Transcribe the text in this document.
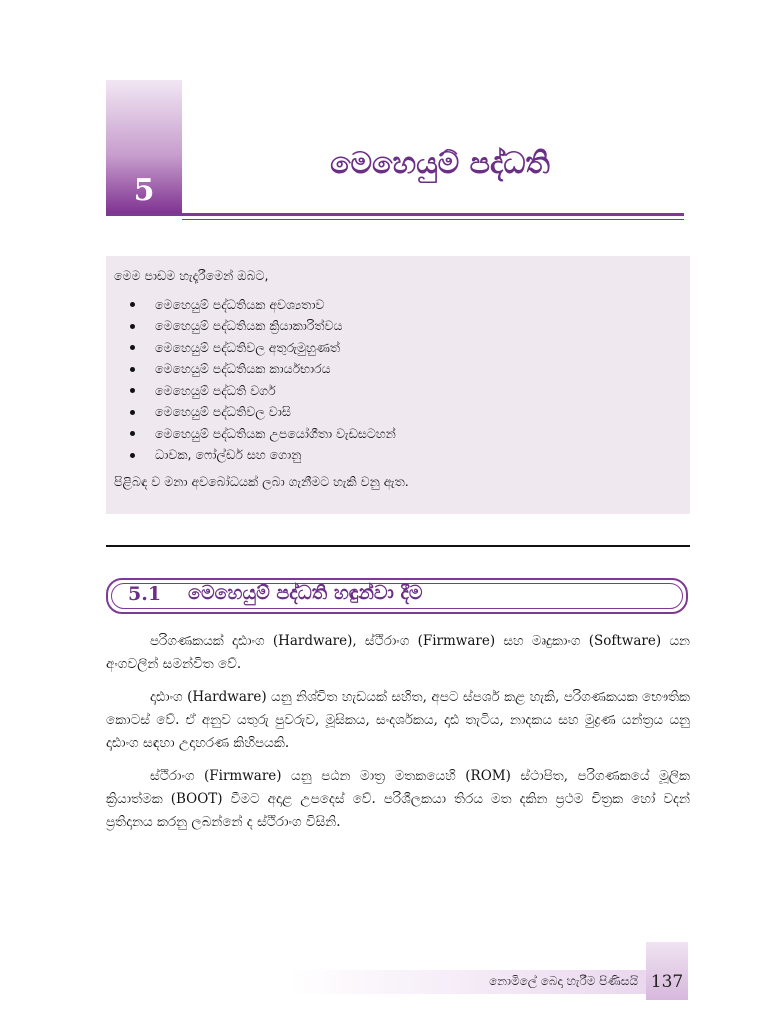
5
මෙහෙයුම් පද්ධති

මෙම පාඩම හැදෑරීමෙන් ඔබට,

මෙහෙයුම් පද්ධතියක අවශ්‍යතාව
මෙහෙයුම් පද්ධතියක ක්‍රියාකාරිත්වය
මෙහෙයුම් පද්ධතිවල අතුරුමුහුණත්
මෙහෙයුම් පද්ධතියක කාර්යභාරය
මෙහෙයුම් පද්ධති වර්ග
මෙහෙයුම් පද්ධතිවල වාසි
මෙහෙයුම් පද්ධතියක උපයෝගීතා වැඩසටහන්
ධාවක, ෆෝල්ඩර් සහ ගොනු

පිළිබඳ ව මනා අවබෝධයක් ලබා ගැනීමට හැකි වනු ඇත.

5.1 මෙහෙයුම් පද්ධති හඳුන්වා දීම

පරිගණකයක් දෘඪාංග (Hardware), ස්ථිරාංග (Firmware) සහ මෘදුකාංග (Software) යන අංගවලින් සමන්විත වේ.

දෘඪාංග (Hardware) යනු නිශ්චිත හැඩයක් සහිත, අපට ස්පර්ශ කළ හැකි, පරිගණකයක භෞතික කොටස් වේ. ඒ අනුව යතුරු පුවරුව, මූසිකය, සංදර්ශකය, දෘඪ තැටිය, නාදකය සහ මුද්‍රණ යන්ත්‍රය යනු දෘඪාංග සඳහා උදාහරණ කිහිපයකි.

ස්ථිරාංග (Firmware) යනු පඨන මාත්‍ර මතකයෙහි (ROM) ස්ථාපිත, පරිගණකයේ මූලික ක්‍රියාත්මක (BOOT) වීමට අදාළ උපදෙස් වේ. පරිශීලකයා තිරය මත දකින ප්‍රථම චිත්‍රක හෝ වදන් ප්‍රතිදානය කරනු ලබන්නේ ද ස්ථිරාංග විසිනි.

නොමිලේ බෙදා හැරීම පිණිසයි 137
